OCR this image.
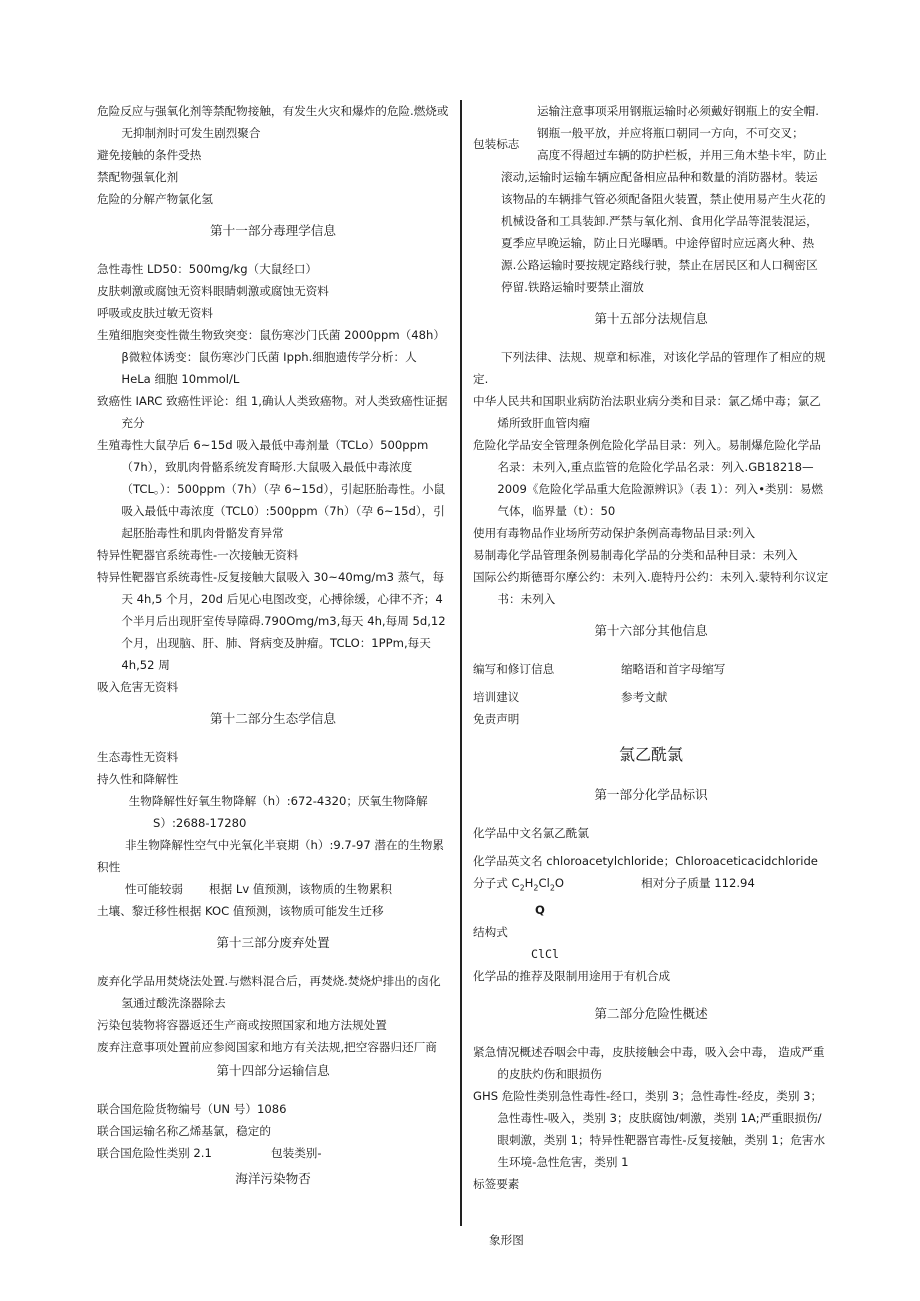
危险反应与强氧化剂等禁配物接触，有发生火灾和爆炸的危险.燃烧或无抑制剂时可发生剧烈聚合

避免接触的条件受热

禁配物强氧化剂

危险的分解产物氯化氢

第十一部分毒理学信息

急性毒性 LD50：500mg/kg（大鼠经口）

皮肤刺激或腐蚀无资料眼睛刺激或腐蚀无资料

呼吸或皮肤过敏无资料

生殖细胞突变性微生物致突变：鼠伤寒沙门氏菌 2000ppm（48h）β微粒体诱变：鼠伤寒沙门氏菌 Ipph.细胞遗传学分析：人 HeLa 细胞 10mmol/L

致癌性 IARC 致癌性评论：组 1,确认人类致癌物。对人类致癌性证据充分

生殖毒性大鼠孕后 6~15d 吸入最低中毒剂量（TCLo）500ppm（7h），致肌肉骨骼系统发育畸形.大鼠吸入最低中毒浓度（TCL。）：500ppm（7h）（孕 6~15d），引起胚胎毒性。小鼠吸入最低中毒浓度（TCL0）:500ppm（7h）（孕 6~15d），引起胚胎毒性和肌肉骨骼发育异常

特异性靶器官系统毒性-一次接触无资料

特异性靶器官系统毒性-反复接触大鼠吸入 30~40mg/m3 蒸气，每天 4h,5 个月，20d 后见心电图改变，心搏徐缓，心律不齐；4 个半月后出现肝室传导障碍.790Omg/m3,每天 4h,每周 5d,12 个月，出现脑、肝、肺、肾病变及肿瘤。TCLO：1PPm,每天 4h,52 周

吸入危害无资料

第十二部分生态学信息

生态毒性无资料

持久性和降解性

生物降解性好氧生物降解（h）:672-4320；厌氧生物降解 S）:2688-17280

非生物降解性空气中光氧化半衰期（h）:9.7-97 潜在的生物累积性

性可能较弱	根据 Lv 值预测，该物质的生物累积

土壤、黎迁移性根据 KOC 值预测，该物质可能发生迁移

第十三部分废弃处置

废弃化学品用焚烧法处置.与燃料混合后，再焚烧.焚烧炉排出的卤化氢通过酸洗涤器除去

污染包装物将容器返还生产商或按照国家和地方法规处置

废弃注意事项处置前应参阅国家和地方有关法规,把空容器归还厂商

第十四部分运输信息

联合国危险货物编号（UN 号）1086

联合国运输名称乙烯基氯，稳定的

联合国危险性类别 2.1	包装类别-

海洋污染物否

运输注意事项采用钢瓶运输时必须戴好钢瓶上的安全帽.钢瓶一般平放，并应将瓶口朝同一方向，不可交叉；

包装标志

高度不得超过车辆的防护栏板，并用三角木垫卡牢，防止滚动,运输时运输车辆应配备相应品种和数量的消防器材。装运该物品的车辆排气管必须配备阻火装置，禁止使用易产生火花的机械设备和工具装卸.严禁与氧化剂、食用化学品等混装混运，夏季应早晚运输，防止日光曝晒。中途停留时应远离火种、热源.公路运输时要按规定路线行驶，禁止在居民区和人口稠密区停留.铁路运输时要禁止溜放

第十五部分法规信息

下列法律、法规、规章和标准，对该化学品的管理作了相应的规定.

中华人民共和国职业病防治法职业病分类和目录：氯乙烯中毒；氯乙烯所致肝血管肉瘤

危险化学品安全管理条例危险化学品目录：列入。易制爆危险化学品名录：未列入,重点监管的危险化学品名录：列入.GB18218—2009《危险化学品重大危险源辨识》（表 1）：列入•类别：易燃气体，临界量（t）：50

使用有毒物品作业场所劳动保护条例高毒物品目录:列入

易制毒化学品管理条例易制毒化学品的分类和品种目录：未列入

国际公约斯德哥尔摩公约：未列入.鹿特丹公约：未列入.蒙特利尔议定书：未列入

第十六部分其他信息

编写和修订信息	缩略语和首字母缩写
培训建议	参考文献

免责声明

氯乙酰氯

第一部分化学品标识

化学品中文名氯乙酰氯

化学品英文名 chloroacetylchloride；Chloroaceticacidchloride

分子式 $C_2H_2Cl_2O$	相对分子质量 112.94

Q

结构式

ClCl

化学品的推荐及限制用途用于有机合成

第二部分危险性概述

紧急情况概述吞咽会中毒，皮肤接触会中毒，吸入会中毒， 造成严重的皮肤灼伤和眼损伤

GHS 危险性类别急性毒性-经口，类别 3；急性毒性-经皮，类别 3；急性毒性-吸入，类别 3；皮肤腐蚀/刺激，类别 1A;严重眼损伤/眼刺激，类别 1；特异性靶器官毒性-反复接触，类别 1；危害水生环境-急性危害，类别 1

标签要素

象形图
